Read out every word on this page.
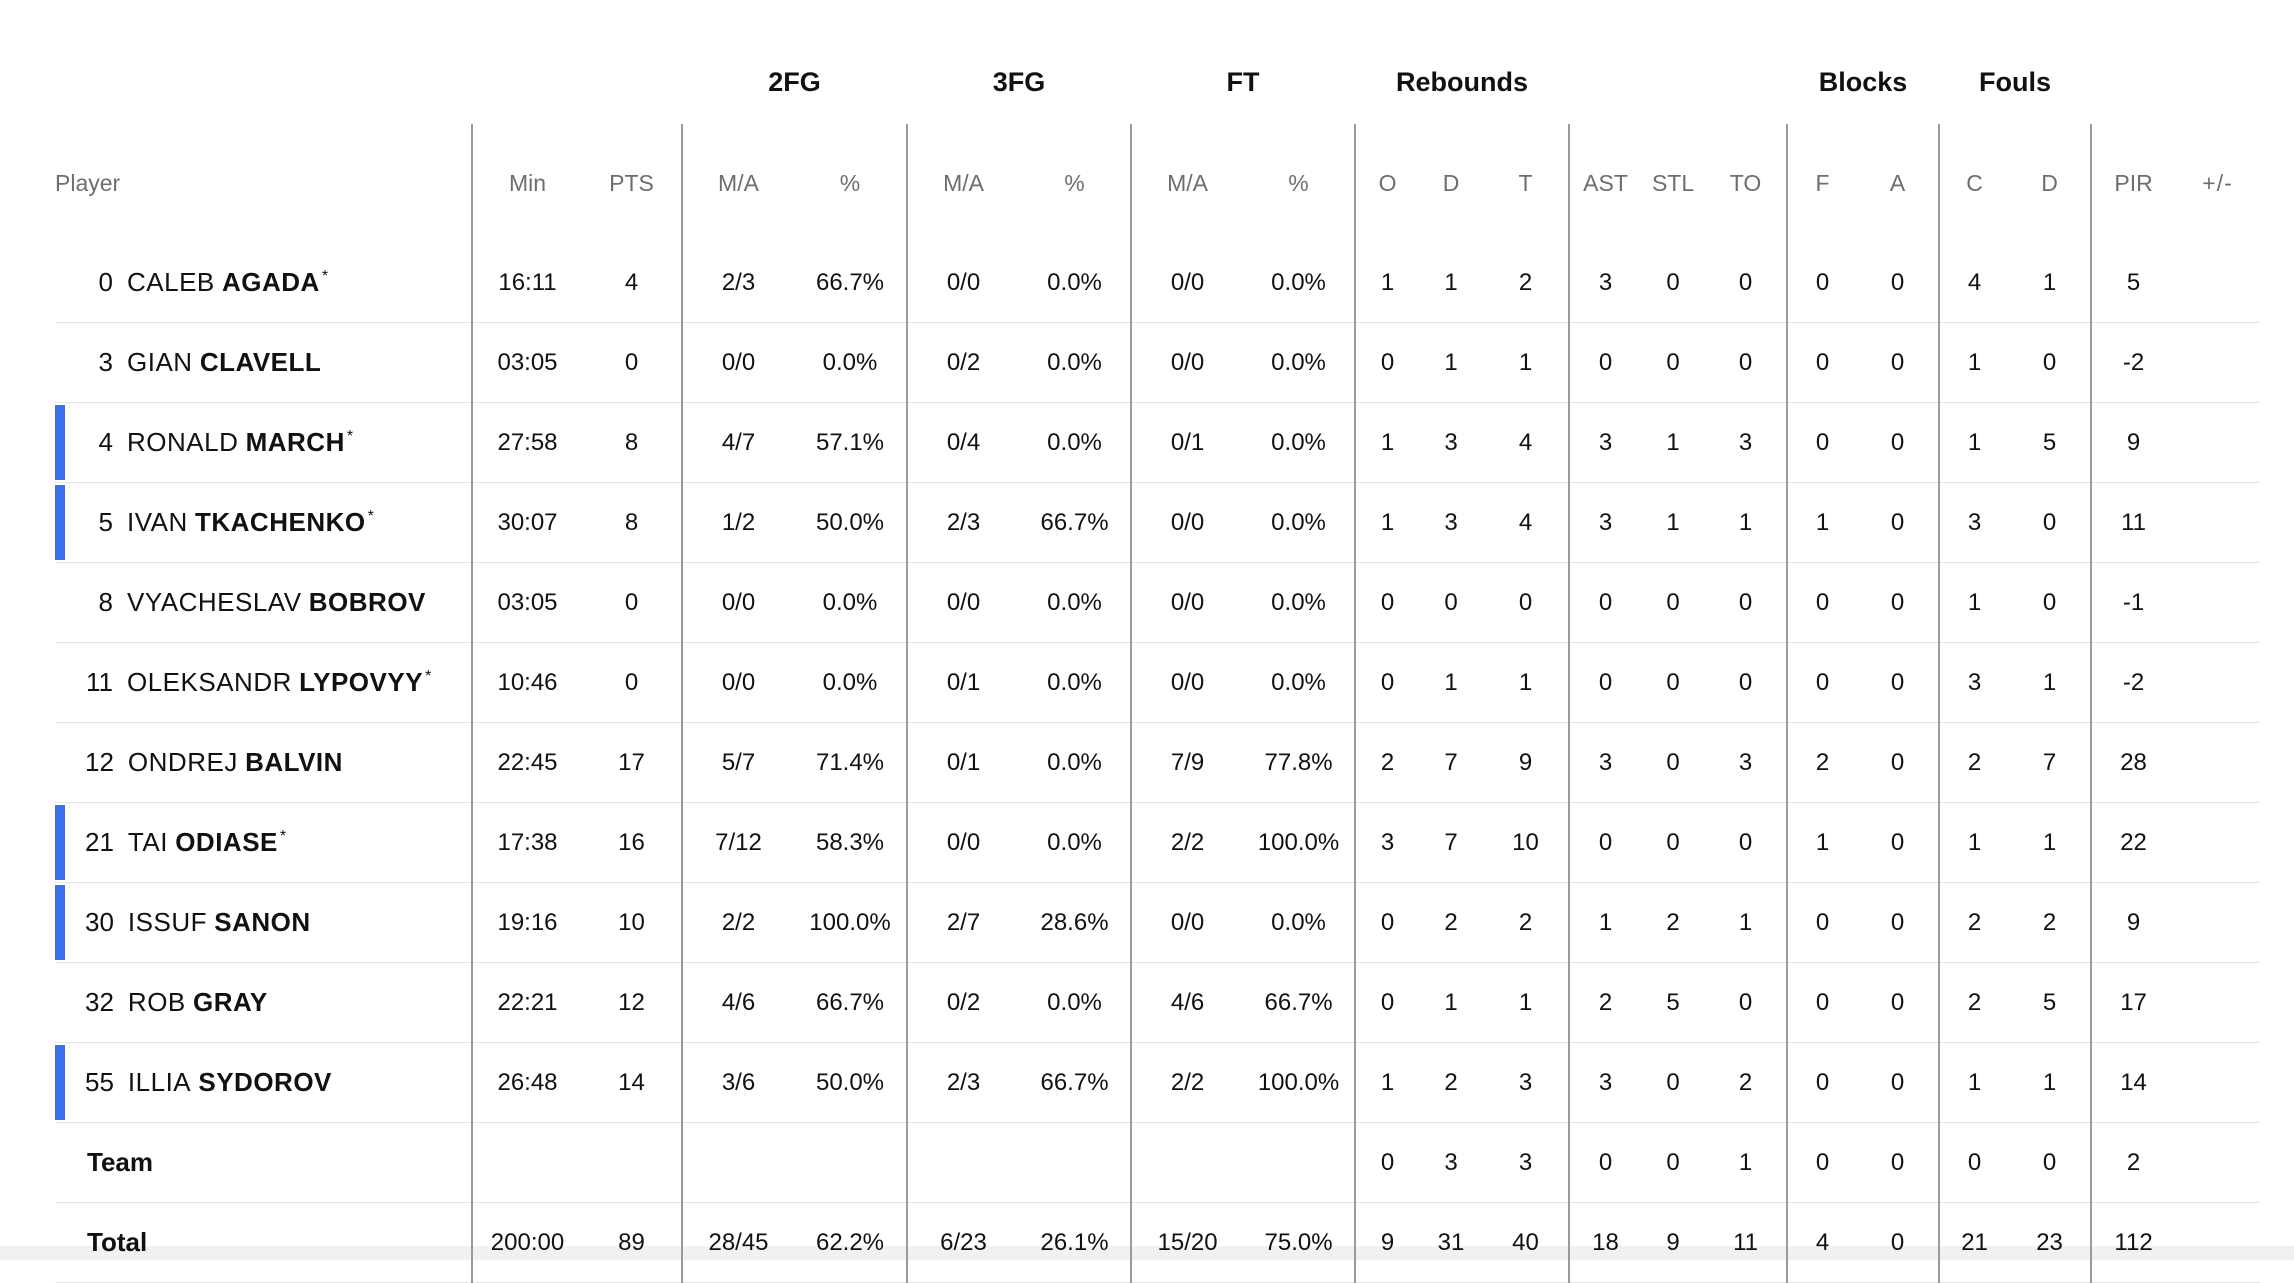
			2FG		3FG		FT		Rebounds						Blocks		Fouls			
Player	Min	PTS	M/A	%	M/A	%	M/A	%	O	D	T	AST	STL	TO	F	A	C	D	PIR	+/-
0 CALEB AGADA *	16:11	4	2/3	66.7%	0/0	0.0%	0/0	0.0%	1	1	2	3	0	0	0	0	4	1	5	
3 GIAN CLAVELL	03:05	0	0/0	0.0%	0/2	0.0%	0/0	0.0%	0	1	1	0	0	0	0	0	1	0	-2	

4 RONALD MARCH *	27:58	8	4/7	57.1%	0/4	0.0%	0/1	0.0%	1	3	4	3	1	3	0	0	1	5	9	

5 IVAN TKACHENKO *	30:07	8	1/2	50.0%	2/3	66.7%	0/0	0.0%	1	3	4	3	1	1	1	0	3	0	11	
8 VYACHESLAV BOBROV	03:05	0	0/0	0.0%	0/0	0.0%	0/0	0.0%	0	0	0	0	0	0	0	0	1	0	-1	
11 OLEKSANDR LYPOVYY *	10:46	0	0/0	0.0%	0/1	0.0%	0/0	0.0%	0	1	1	0	0	0	0	0	3	1	-2	
12 ONDREJ BALVIN	22:45	17	5/7	71.4%	0/1	0.0%	7/9	77.8%	2	7	9	3	0	3	2	0	2	7	28	

21 TAI ODIASE *	17:38	16	7/12	58.3%	0/0	0.0%	2/2	100.0%	3	7	10	0	0	0	1	0	1	1	22	

30 ISSUF SANON	19:16	10	2/2	100.0%	2/7	28.6%	0/0	0.0%	0	2	2	1	2	1	0	0	2	2	9	
32 ROB GRAY	22:21	12	4/6	66.7%	0/2	0.0%	4/6	66.7%	0	1	1	2	5	0	0	0	2	5	17	

55 ILLIA SYDOROV	26:48	14	3/6	50.0%	2/3	66.7%	2/2	100.0%	1	2	3	3	0	2	0	0	1	1	14	
Team									0	3	3	0	0	1	0	0	0	0	2	
Total	200:00	89	28/45	62.2%	6/23	26.1%	15/20	75.0%	9	31	40	18	9	11	4	0	21	23	112	
